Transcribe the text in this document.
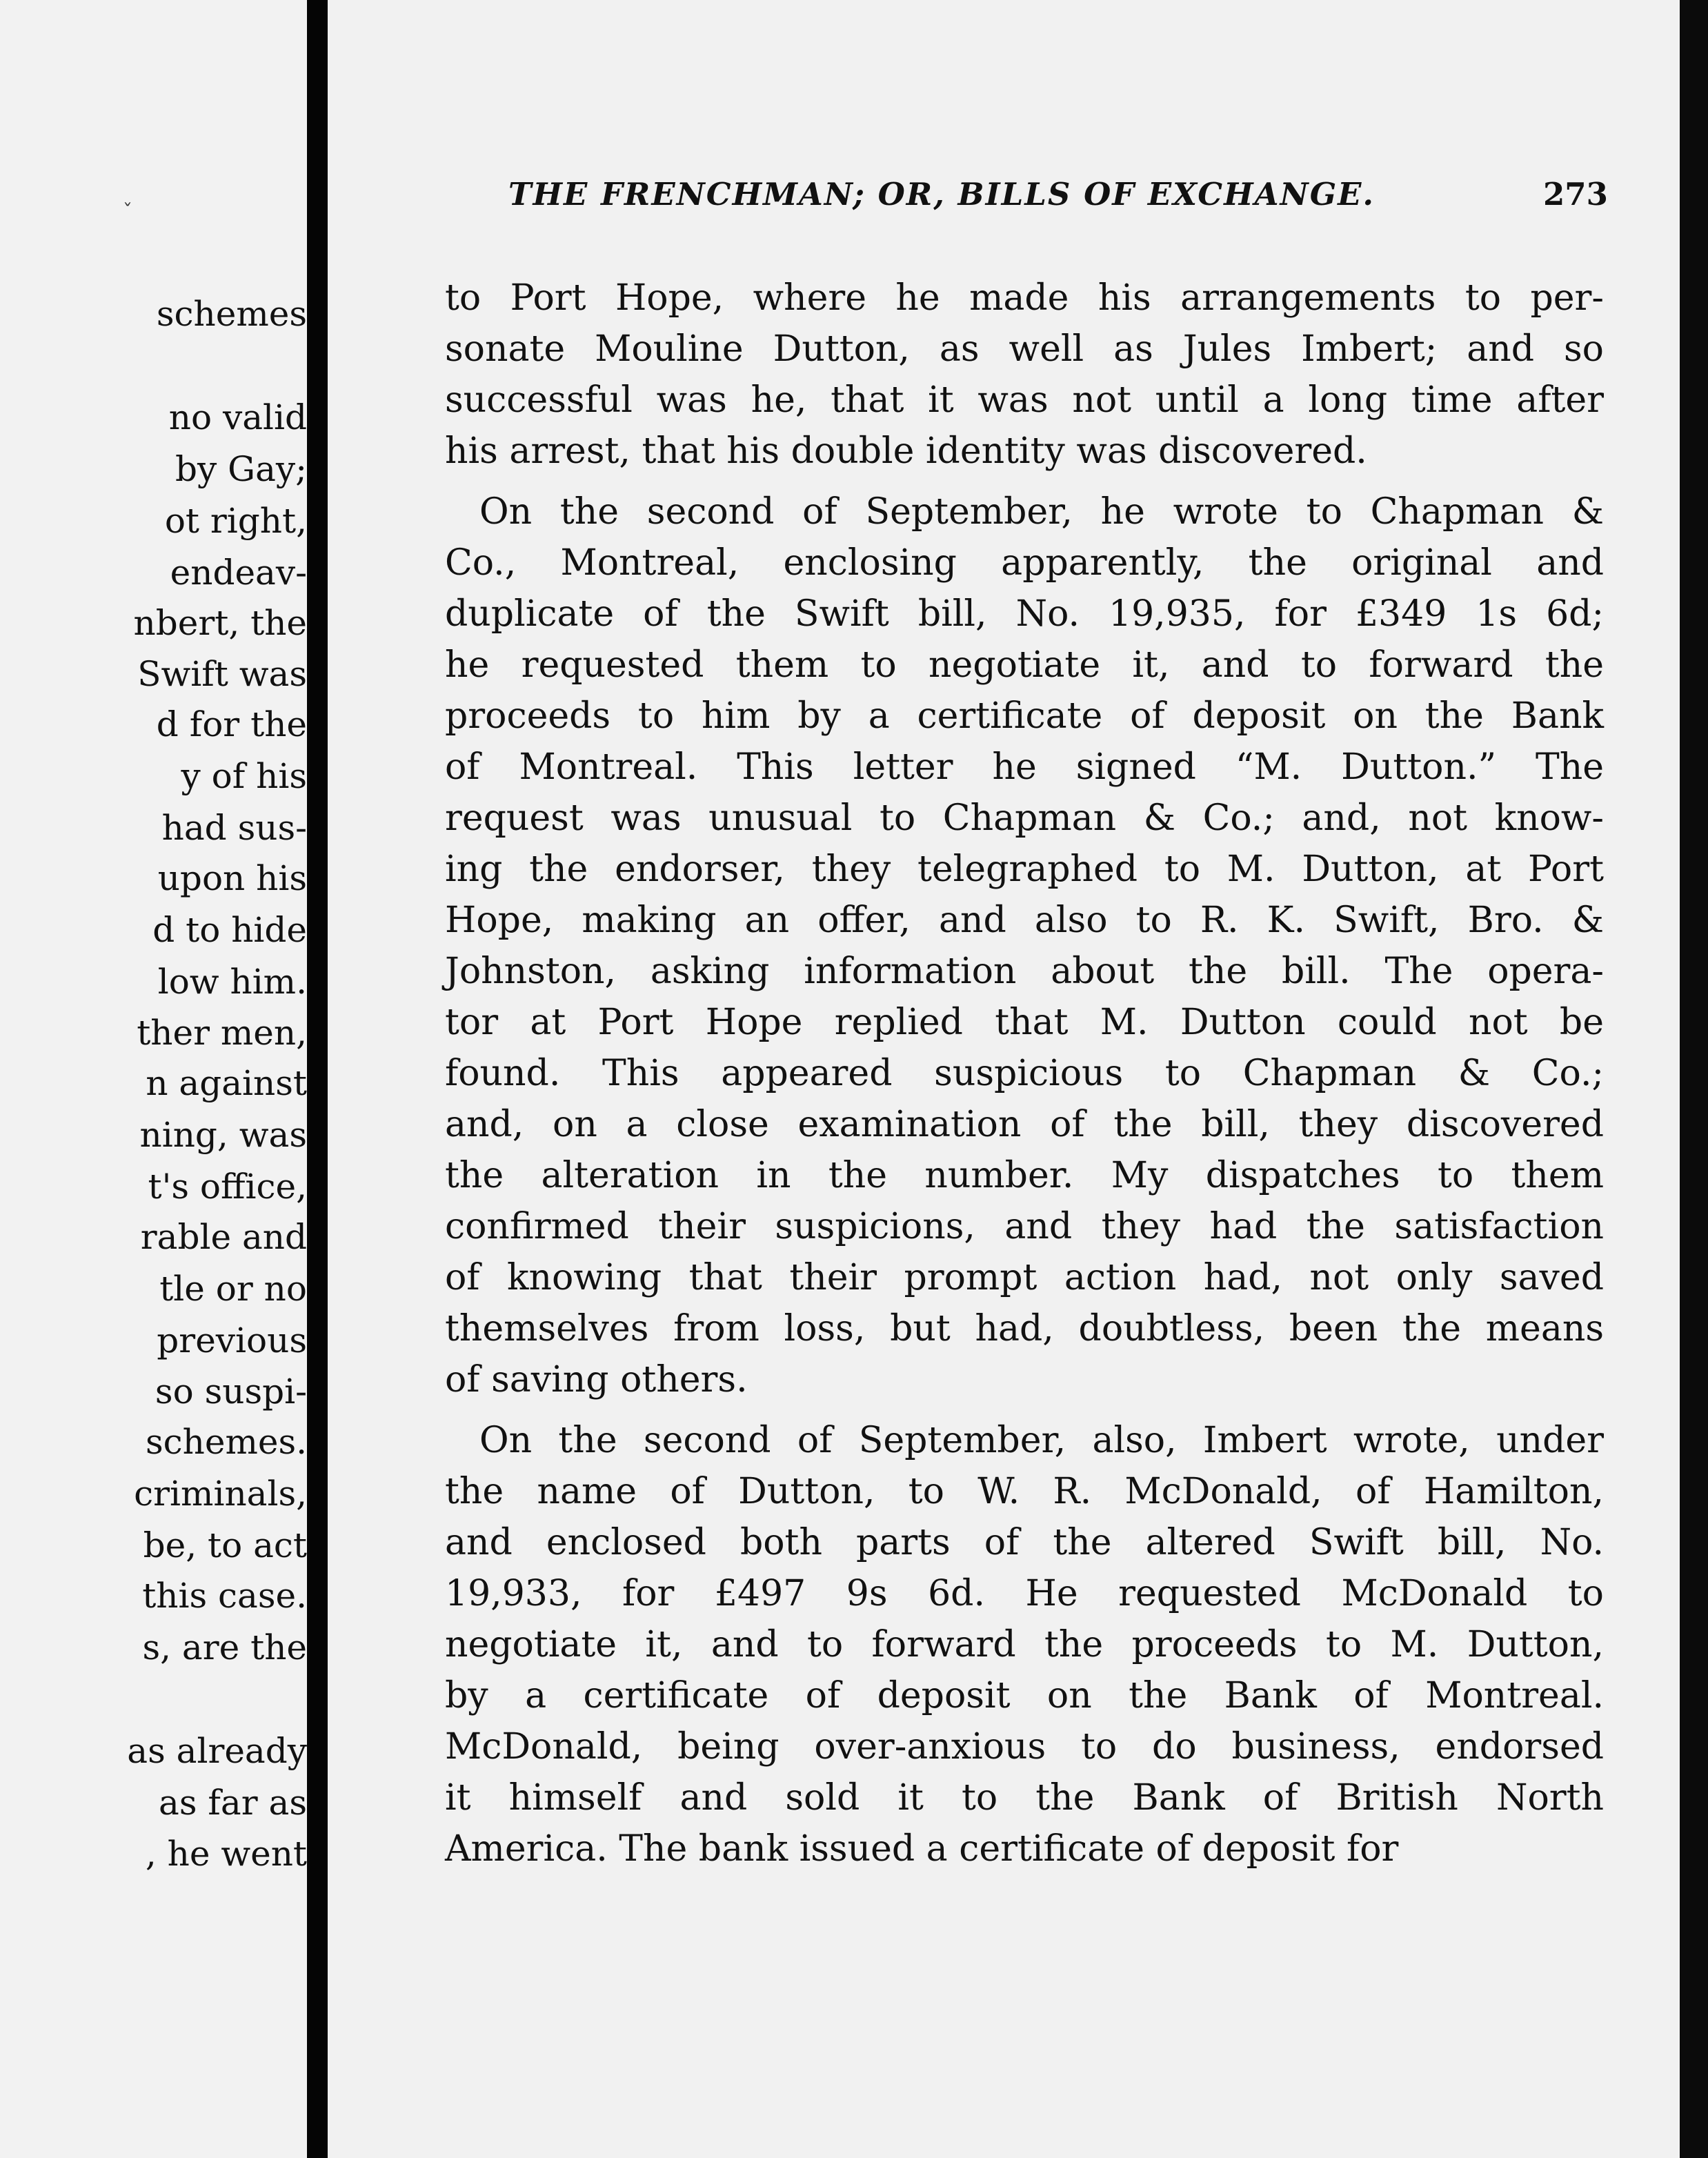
ˇ
schemes
no valid
by Gay;
ot right,
endeav-
nbert, the
Swift was
d for the
y of his
had sus-
upon his
d to hide
low him.
ther men,
n against
ning, was
t's office,
rable and
tle or no
previous
so suspi-
schemes.
criminals,
be, to act
this case.
s, are the
as already
as far as
, he went
THE FRENCHMAN; OR, BILLS OF EXCHANGE.	273
to Port Hope, where he made his arrangements to per-
sonate Mouline Dutton, as well as Jules Imbert; and so
successful was he, that it was not until a long time after
his arrest, that his double identity was discovered.
On the second of September, he wrote to Chapman &
Co., Montreal, enclosing apparently, the original and
duplicate of the Swift bill, No. 19,935, for £349 1s 6d;
he requested them to negotiate it, and to forward the
proceeds to him by a certificate of deposit on the Bank
of Montreal. This letter he signed “M. Dutton.” The
request was unusual to Chapman & Co.; and, not know-
ing the endorser, they telegraphed to M. Dutton, at Port
Hope, making an offer, and also to R. K. Swift, Bro. &
Johnston, asking information about the bill. The opera-
tor at Port Hope replied that M. Dutton could not be
found. This appeared suspicious to Chapman & Co.;
and, on a close examination of the bill, they discovered
the alteration in the number. My dispatches to them
confirmed their suspicions, and they had the satisfaction
of knowing that their prompt action had, not only saved
themselves from loss, but had, doubtless, been the means
of saving others.
On the second of September, also, Imbert wrote, under
the name of Dutton, to W. R. McDonald, of Hamilton,
and enclosed both parts of the altered Swift bill, No.
19,933, for £497 9s 6d. He requested McDonald to
negotiate it, and to forward the proceeds to M. Dutton,
by a certificate of deposit on the Bank of Montreal.
McDonald, being over-anxious to do business, endorsed
it himself and sold it to the Bank of British North
America. The bank issued a certificate of deposit for
